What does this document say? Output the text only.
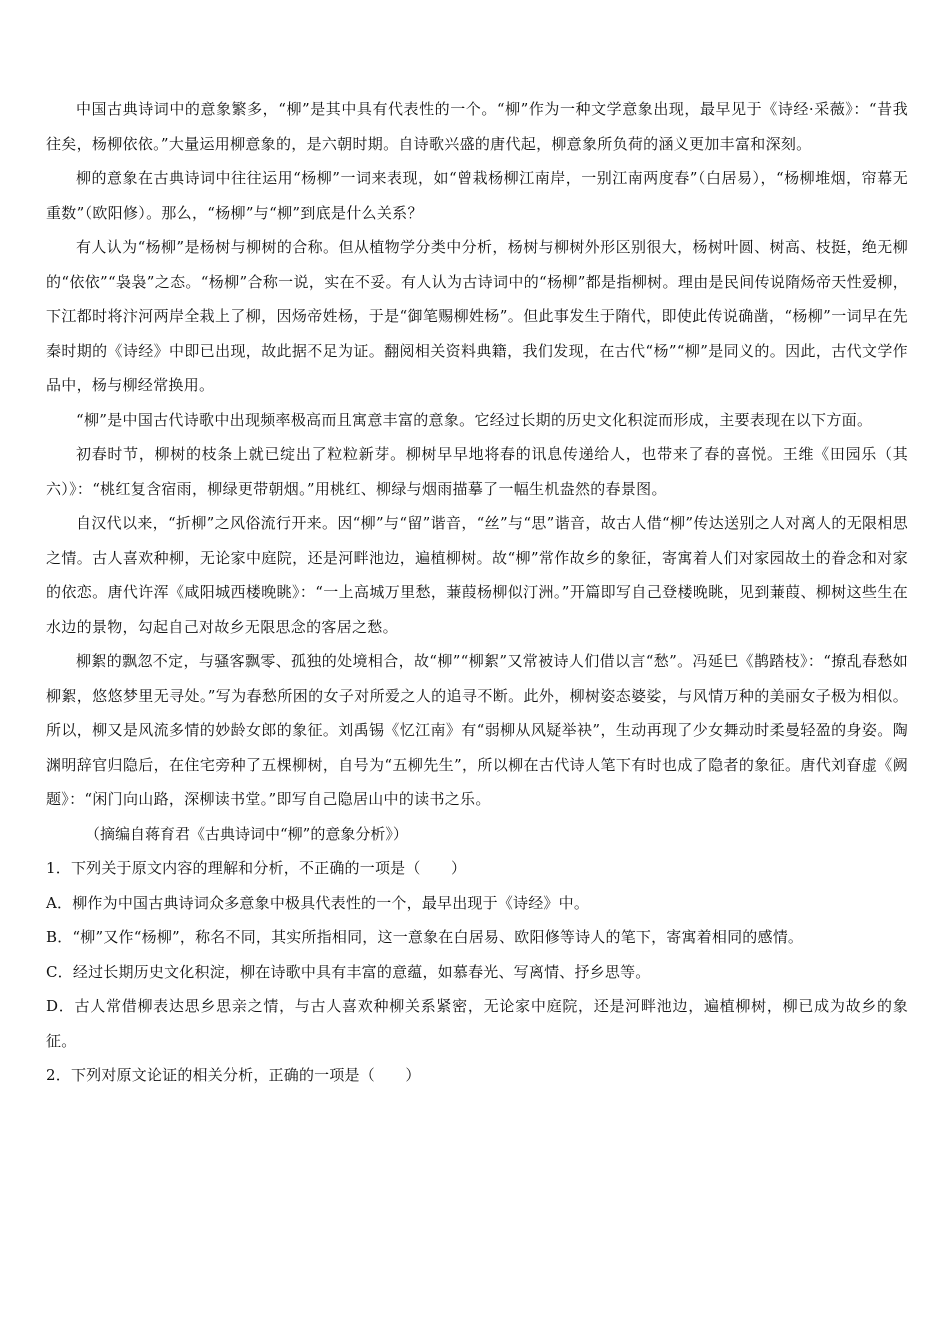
中国古典诗词中的意象繁多，“柳”是其中具有代表性的一个。“柳”作为一种文学意象出现，最早见于《诗经·采薇》：“昔我往矣，杨柳依依。”大量运用柳意象的，是六朝时期。自诗歌兴盛的唐代起，柳意象所负荷的涵义更加丰富和深刻。

柳的意象在古典诗词中往往运用“杨柳”一词来表现，如“曾栽杨柳江南岸，一别江南两度春”（白居易），“杨柳堆烟，帘幕无重数”（欧阳修）。那么，“杨柳”与“柳”到底是什么关系？

有人认为“杨柳”是杨树与柳树的合称。但从植物学分类中分析，杨树与柳树外形区别很大，杨树叶圆、树高、枝挺，绝无柳的“依依”“袅袅”之态。“杨柳”合称一说，实在不妥。有人认为古诗词中的“杨柳”都是指柳树。理由是民间传说隋炀帝天性爱柳，下江都时将汴河两岸全栽上了柳，因炀帝姓杨，于是“御笔赐柳姓杨”。但此事发生于隋代，即使此传说确凿，“杨柳”一词早在先秦时期的《诗经》中即已出现，故此据不足为证。翻阅相关资料典籍，我们发现，在古代“杨”“柳”是同义的。因此，古代文学作品中，杨与柳经常换用。

“柳”是中国古代诗歌中出现频率极高而且寓意丰富的意象。它经过长期的历史文化积淀而形成，主要表现在以下方面。

初春时节，柳树的枝条上就已绽出了粒粒新芽。柳树早早地将春的讯息传递给人，也带来了春的喜悦。王维《田园乐（其六）》：“桃红复含宿雨，柳绿更带朝烟。”用桃红、柳绿与烟雨描摹了一幅生机盎然的春景图。

自汉代以来，“折柳”之风俗流行开来。因“柳”与“留”谐音，“丝”与“思”谐音，故古人借“柳”传达送别之人对离人的无限相思之情。古人喜欢种柳，无论家中庭院，还是河畔池边，遍植柳树。故“柳”常作故乡的象征，寄寓着人们对家园故土的眷念和对家的依恋。唐代许浑《咸阳城西楼晚眺》：“一上高城万里愁，蒹葭杨柳似汀洲。”开篇即写自己登楼晚眺，见到蒹葭、柳树这些生在水边的景物，勾起自己对故乡无限思念的客居之愁。

柳絮的飘忽不定，与骚客飘零、孤独的处境相合，故“柳”“柳絮”又常被诗人们借以言“愁”。冯延巳《鹊踏枝》：“撩乱春愁如柳絮，悠悠梦里无寻处。”写为春愁所困的女子对所爱之人的追寻不断。此外，柳树姿态婆娑，与风情万种的美丽女子极为相似。所以，柳又是风流多情的妙龄女郎的象征。刘禹锡《忆江南》有“弱柳从风疑举袂”，生动再现了少女舞动时柔曼轻盈的身姿。陶渊明辞官归隐后，在住宅旁种了五棵柳树，自号为“五柳先生”，所以柳在古代诗人笔下有时也成了隐者的象征。唐代刘眘虚《阙题》：“闲门向山路，深柳读书堂。”即写自己隐居山中的读书之乐。

（摘编自蒋育君《古典诗词中“柳”的意象分析》）

1．下列关于原文内容的理解和分析，不正确的一项是（　　）

A．柳作为中国古典诗词众多意象中极具代表性的一个，最早出现于《诗经》中。

B．“柳”又作“杨柳”，称名不同，其实所指相同，这一意象在白居易、欧阳修等诗人的笔下，寄寓着相同的感情。

C．经过长期历史文化积淀，柳在诗歌中具有丰富的意蕴，如慕春光、写离情、抒乡思等。

D．古人常借柳表达思乡思亲之情，与古人喜欢种柳关系紧密，无论家中庭院，还是河畔池边，遍植柳树，柳已成为故乡的象征。

2．下列对原文论证的相关分析，正确的一项是（　　）
